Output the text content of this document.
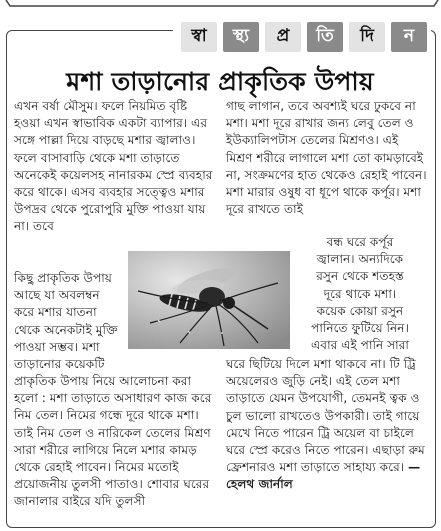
স্বা	স্থ্য	প্র	তি	দি	ন
মশা তাড়ানোর প্রাকৃতিক উপায়

এখন বর্ষা মৌসুম। ফলে নিয়মিত বৃষ্টি হওয়া এখন স্বাভাবিক একটা ব্যাপার। এর সঙ্গে পাল্লা দিয়ে বাড়ছে মশার জ্বালাও। ফলে বাসাবাড়ি থেকে মশা তাড়াতে অনেকেই কয়েলসহ নানারকম স্প্রে ব্যবহার করে থাকে। এসব ব্যবহার সত্ত্বেও মশার উপদ্রব থেকে পুরোপুরি মুক্তি পাওয়া যায় না। তবে

কিছু প্রাকৃতিক উপায়
আছে যা অবলম্বন
করে মশার যাতনা
থেকে অনেকটাই মুক্তি
পাওয়া সম্ভব। মশা
তাড়ানোর কয়েকটি

প্রাকৃতিক উপায় নিয়ে আলোচনা করা হলো : মশা তাড়াতে অসাধারণ কাজ করে নিম তেল। নিমের গন্ধে দূরে থাকে মশা। তাই নিম তেল ও নারিকেল তেলের মিশ্রণ সারা শরীরে লাগিয়ে নিলে মশার কামড় থেকে রেহাই পাবেন। নিমের মতোই প্রয়োজনীয় তুলসী পাতাও। শোবার ঘরের জানালার বাইরে যদি তুলসী

গাছ লাগান, তবে অবশ্যই ঘরে ঢুকবে না মশা। মশা দূরে রাখার জন্য লেবু তেল ও ইউক্যালিপটাস তেলের মিশ্রণও। এই মিশ্রণ শরীরে লাগালে মশা তো কামড়াবেই না, সংক্রমণের হাত থেকেও রেহাই পাবেন। মশা মারার ওষুধ বা ধূপে থাকে কর্পূর। মশা দূরে রাখতে তাই

বন্ধ ঘরে কর্পূর
জ্বালান। অন্যদিকে
রসুন থেকে শতহস্ত
দূরে থাকে মশা।
কয়েক কোয়া রসুন
পানিতে ফুটিয়ে নিন।
এবার এই পানি সারা

ঘরে ছিটিয়ে দিলে মশা থাকবে না। টি ট্রি অয়েলেরও জুড়ি নেই। এই তেল মশা তাড়াতে যেমন উপযোগী, তেমনই ত্বক ও চুল ভালো রাখতেও উপকারী। তাই গায়ে মেখে নিতে পারেন ট্রি অয়েল বা চাইলে ঘরে স্প্রে করেও নিতে পারেন। এছাড়া রুম ফ্রেশনারও মশা তাড়াতে সাহায্য করে। —হেলথ জার্নাল
